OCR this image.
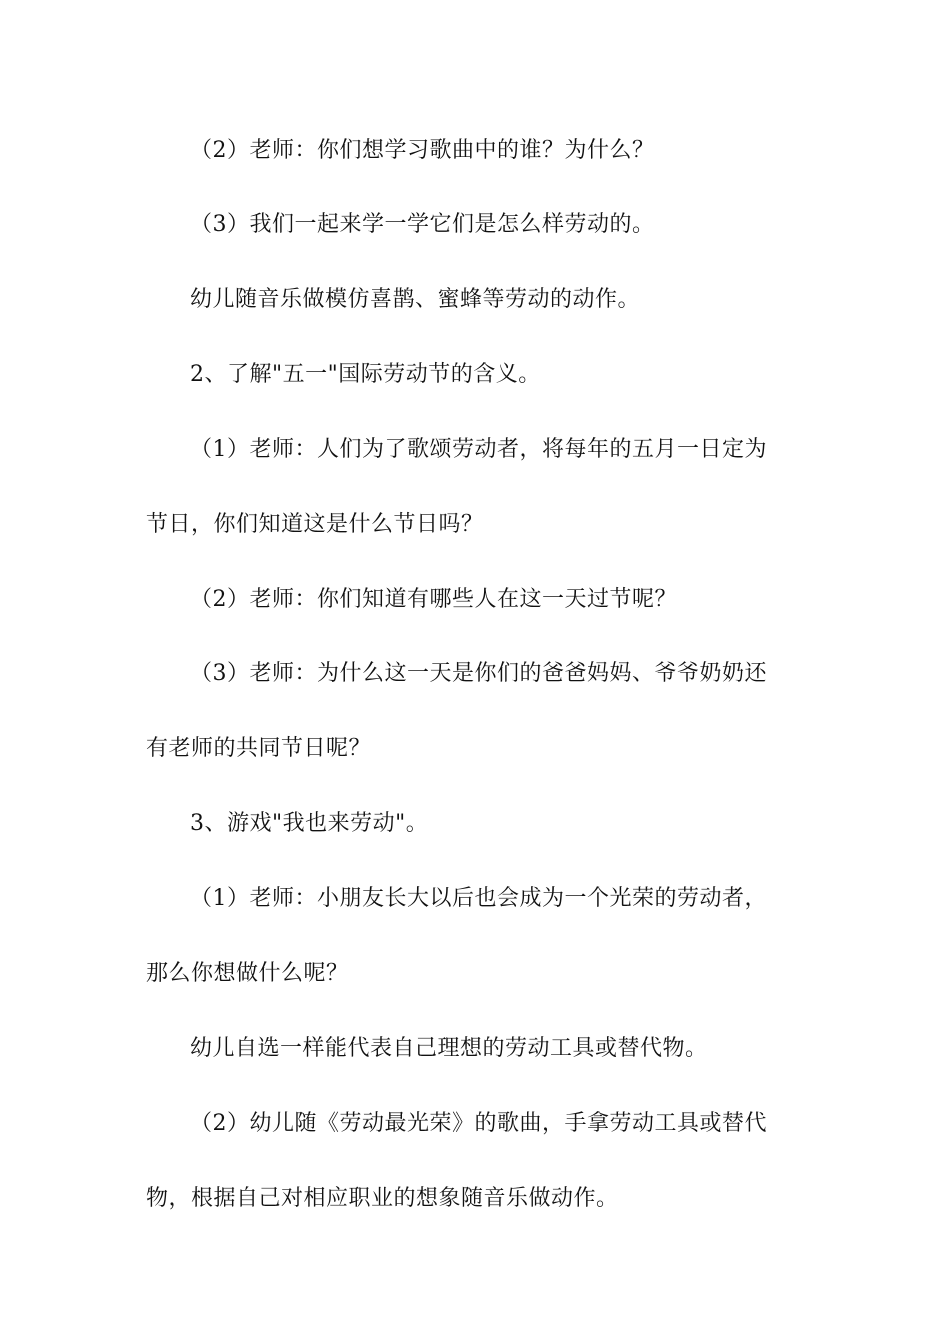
（2）老师：你们想学习歌曲中的谁？为什么？
（3）我们一起来学一学它们是怎么样劳动的。
幼儿随音乐做模仿喜鹊、蜜蜂等劳动的动作。
2、了解"五一"国际劳动节的含义。
（1）老师：人们为了歌颂劳动者，将每年的五月一日定为
节日，你们知道这是什么节日吗？
（2）老师：你们知道有哪些人在这一天过节呢？
（3）老师：为什么这一天是你们的爸爸妈妈、爷爷奶奶还
有老师的共同节日呢？
3、游戏"我也来劳动"。
（1）老师：小朋友长大以后也会成为一个光荣的劳动者，
那么你想做什么呢？
幼儿自选一样能代表自己理想的劳动工具或替代物。
（2）幼儿随《劳动最光荣》的歌曲，手拿劳动工具或替代
物，根据自己对相应职业的想象随音乐做动作。
